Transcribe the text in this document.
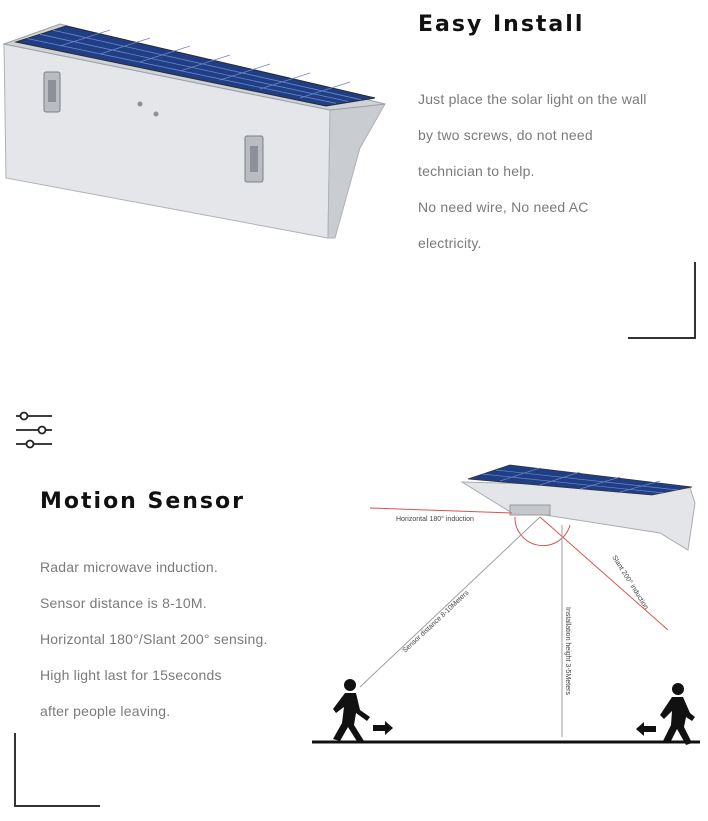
Easy Install
Just place the solar light on the wall
by two screws, do not need
technician to help.
No need wire, No need AC
electricity.
Motion Sensor
Radar microwave induction.
Sensor distance is 8-10M.
Horizontal 180°/Slant 200° sensing.
High light last for 15seconds
after people leaving.
Horizontal 180° induction
Slant 200° induction
Sensor distance 8-10Meters	Installation height 3-5Meters
